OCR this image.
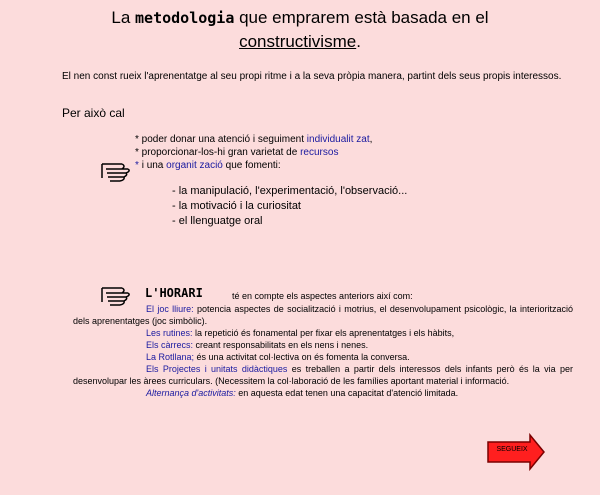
La metodologia que emprarem està basada en el
constructivisme.
El nen const rueix l'aprenentatge al seu propi ritme i a la seva pròpia manera, partint dels seus propis interessos.
Per això cal
* poder donar una atenció i seguiment individualit zat,
* proporcionar-los-hi gran varietat de recursos
* i una organit zació que fomenti:
- la manipulació, l'experimentació, l'observació...
- la motivació i la curiositat
- el llenguatge oral
L'HORARI	té en compte els aspectes anteriors així com:

El joc lliure: potencia aspectes de socialització i motrius, el desenvolupament psicològic, la interiorització dels aprenentatges (joc simbòlic).

Les rutines: la repetició és fonamental per fixar els aprenentatges i els hàbits,

Els càrrecs: creant responsabilitats en els nens i nenes.

La Rotllana; és una activitat col·lectiva on és fomenta la conversa.

Els Projectes i unitats didàctiques es treballen a partir dels interessos dels infants però és la via per desenvolupar les àrees curriculars. (Necessitem la col·laboració de les famílies aportant material i informació.

Alternança d'activitats: en aquesta edat tenen una capacitat d'atenció limitada.

SEGUEIX
